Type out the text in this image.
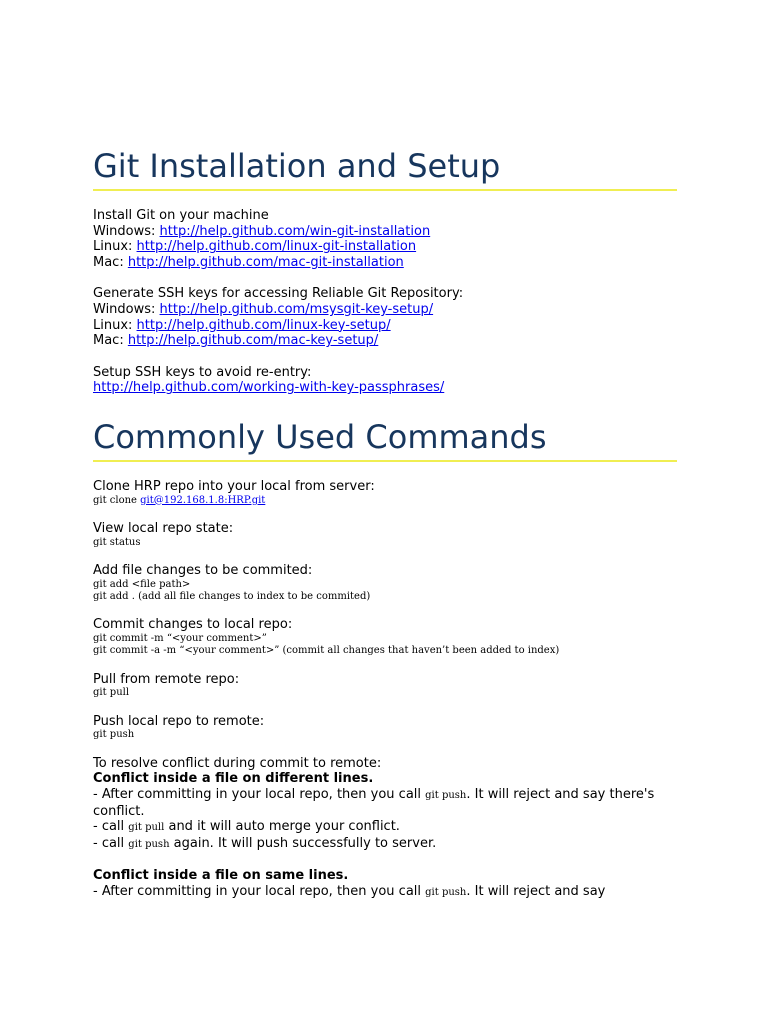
Git Installation and Setup

Install Git on your machine

Windows: http://help.github.com/win-git-installation

Linux: http://help.github.com/linux-git-installation

Mac: http://help.github.com/mac-git-installation

Generate SSH keys for accessing Reliable Git Repository:

Windows: http://help.github.com/msysgit-key-setup/

Linux: http://help.github.com/linux-key-setup/

Mac: http://help.github.com/mac-key-setup/

Setup SSH keys to avoid re-entry:

http://help.github.com/working-with-key-passphrases/

Commonly Used Commands

Clone HRP repo into your local from server:

git clone git@192.168.1.8:HRP.git

View local repo state:

git status

Add file changes to be commited:

git add <file path>

git add . (add all file changes to index to be commited)

Commit changes to local repo:

git commit -m “<your comment>”

git commit -a -m “<your comment>” (commit all changes that haven’t been added to index)

Pull from remote repo:

git pull

Push local repo to remote:

git push

To resolve conflict during commit to remote:

Conflict inside a file on different lines.

- After committing in your local repo, then you call git push. It will reject and say there's conflict.

- call git pull and it will auto merge your conflict.

- call git push again. It will push successfully to server.

Conflict inside a file on same lines.

- After committing in your local repo, then you call git push. It will reject and say
